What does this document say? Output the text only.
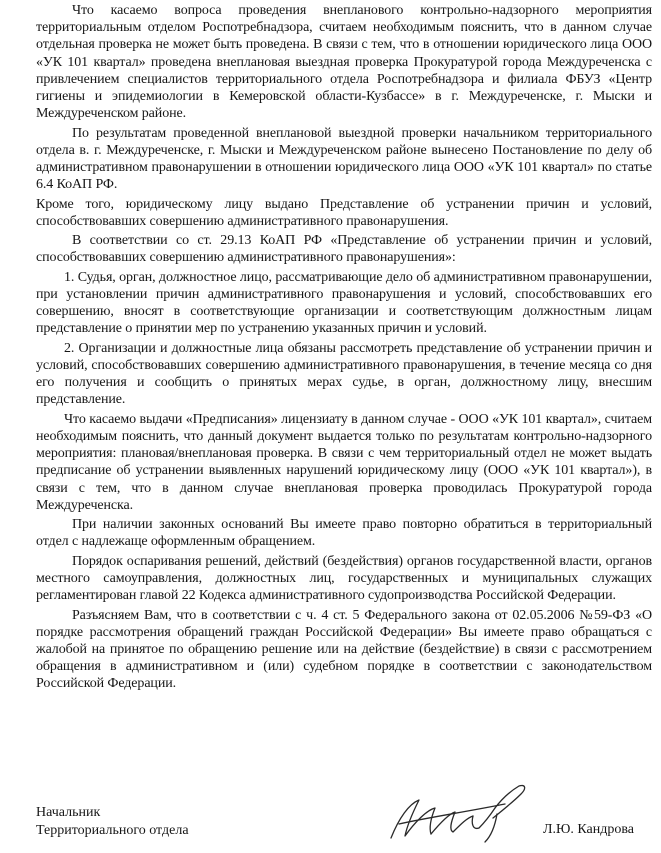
Что касаемо вопроса проведения внепланового контрольно-надзорного мероприятия территориальным отделом Роспотребнадзора, считаем необходимым пояснить, что в данном случае отдельная проверка не может быть проведена. В связи с тем, что в отношении юридического лица ООО «УК 101 квартал» проведена внеплановая выездная проверка Прокуратурой города Междуреченска с привлечением специалистов территориального отдела Роспотребнадзора и филиала ФБУЗ «Центр гигиены и эпидемиологии в Кемеровской области-Кузбассе» в г. Междуреченске, г. Мыски и Междуреченском районе.

По результатам проведенной внеплановой выездной проверки начальником территориального отдела в. г. Междуреченске, г. Мыски и Междуреченском районе вынесено Постановление по делу об административном правонарушении в отношении юридического лица ООО «УК 101 квартал» по статье 6.4 КоАП РФ.

Кроме того, юридическому лицу выдано Представление об устранении причин и условий, способствовавших совершению административного правонарушения.

В соответствии со ст. 29.13 КоАП РФ «Представление об устранении причин и условий, способствовавших совершению административного правонарушения»:

1. Судья, орган, должностное лицо, рассматривающие дело об административном правонарушении, при установлении причин административного правонарушения и условий, способствовавших его совершению, вносят в соответствующие организации и соответствующим должностным лицам представление о принятии мер по устранению указанных причин и условий.

2. Организации и должностные лица обязаны рассмотреть представление об устранении причин и условий, способствовавших совершению административного правонарушения, в течение месяца со дня его получения и сообщить о принятых мерах судье, в орган, должностному лицу, внесшим представление.

Что касаемо выдачи «Предписания» лицензиату в данном случае - ООО «УК 101 квартал», считаем необходимым пояснить, что данный документ выдается только по результатам контрольно-надзорного мероприятия: плановая/внеплановая проверка. В связи с чем территориальный отдел не может выдать предписание об устранении выявленных нарушений юридическому лицу (ООО «УК 101 квартал»), в связи с тем, что в данном случае внеплановая проверка проводилась Прокуратурой города Междуреченска.

При наличии законных оснований Вы имеете право повторно обратиться в территориальный отдел с надлежаще оформленным обращением.

Порядок оспаривания решений, действий (бездействия) органов государственной власти, органов местного самоуправления, должностных лиц, государственных и муниципальных служащих регламентирован главой 22 Кодекса административного судопроизводства Российской Федерации.

Разъясняем Вам, что в соответствии с ч. 4 ст. 5 Федерального закона от 02.05.2006 №59-ФЗ «О порядке рассмотрения обращений граждан Российской Федерации» Вы имеете право обращаться с жалобой на принятое по обращению решение или на действие (бездействие) в связи с рассмотрением обращения в административном и (или) судебном порядке в соответствии с законодательством Российской Федерации.

Начальник
Территориального отдела	Л.Ю. Кандрова
